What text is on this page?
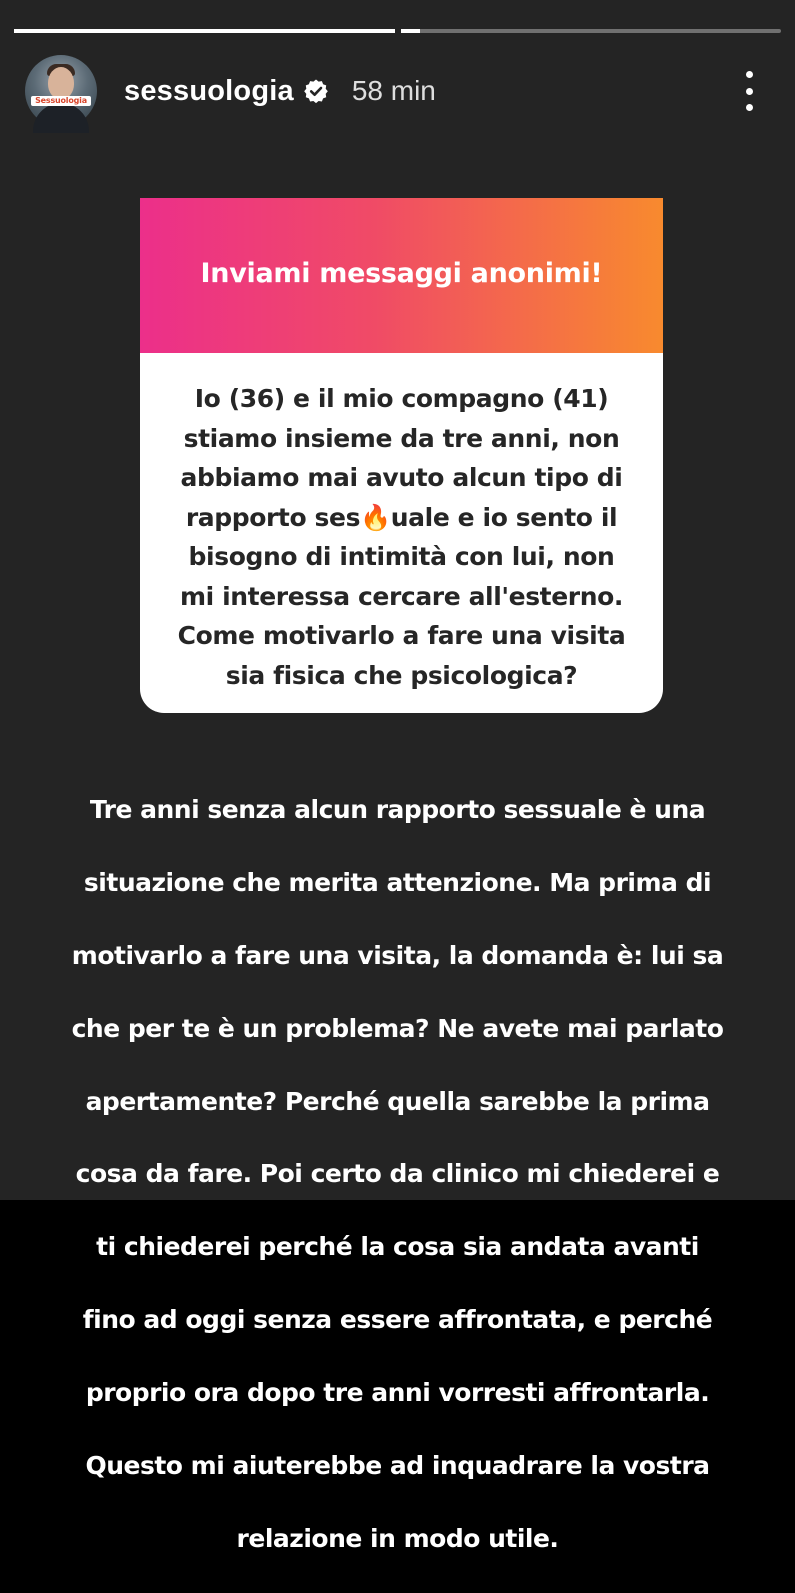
Sessuologia sessuologia 58 min
Inviami messaggi anonimi!
Io (36) e il mio compagno (41)
stiamo insieme da tre anni, non
abbiamo mai avuto alcun tipo di
rapporto ses🔥uale e io sento il
bisogno di intimità con lui, non
mi interessa cercare all'esterno.
Come motivarlo a fare una visita
sia fisica che psicologica?

Tre anni senza alcun rapporto sessuale è una

situazione che merita attenzione. Ma prima di

motivarlo a fare una visita, la domanda è: lui sa

che per te è un problema? Ne avete mai parlato

apertamente? Perché quella sarebbe la prima

cosa da fare. Poi certo da clinico mi chiederei e

ti chiederei perché la cosa sia andata avanti

fino ad oggi senza essere affrontata, e perché

proprio ora dopo tre anni vorresti affrontarla.

Questo mi aiuterebbe ad inquadrare la vostra

relazione in modo utile.
